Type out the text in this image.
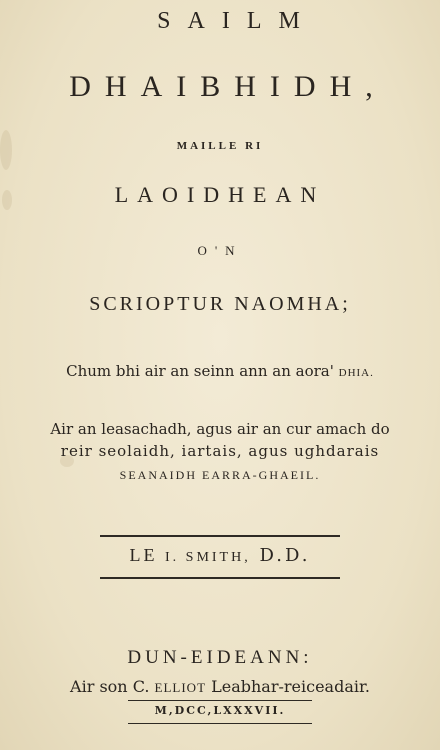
SAILM
DHAIBHIDH,
MAILLE RI
LAOIDHEAN
O'N
SCRIOPTUR NAOMHA;
Chum bhi air an seinn ann an aora' DHIA.
Air an leasachadh, agus air an cur amach do
reir seolaidh, iartais, agus ughdarais
SEANAIDH EARRA-GHAEIL.
LE I. SMITH, D.D.
DUN-EIDEANN:
Air son C. ELLIOT Leabhar-reiceadair.
M,DCC,LXXXVII.
